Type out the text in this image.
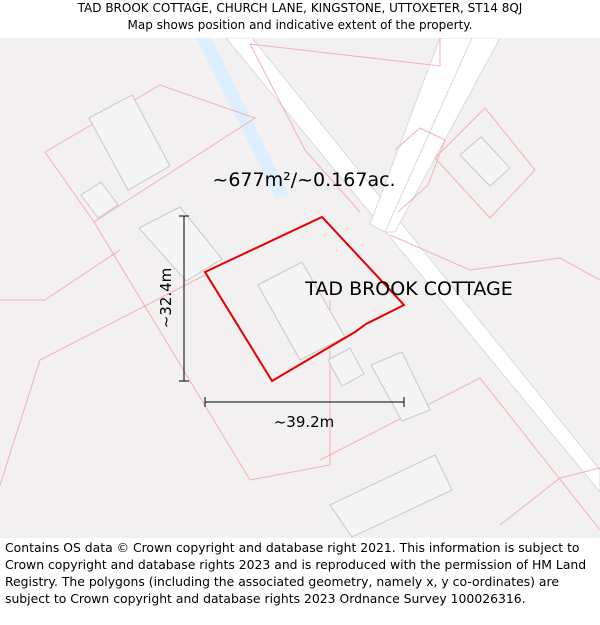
TAD BROOK COTTAGE, CHURCH LANE, KINGSTONE, UTTOXETER, ST14 8QJ
Map shows position and indicative extent of the property.
~677m²/~0.167ac.
TAD BROOK COTTAGE
~32.4m
~39.2m
Contains OS data © Crown copyright and database right 2021. This information is subject to Crown copyright and database rights 2023 and is reproduced with the permission of HM Land Registry. The polygons (including the associated geometry, namely x, y co-ordinates) are subject to Crown copyright and database rights 2023 Ordnance Survey 100026316.
